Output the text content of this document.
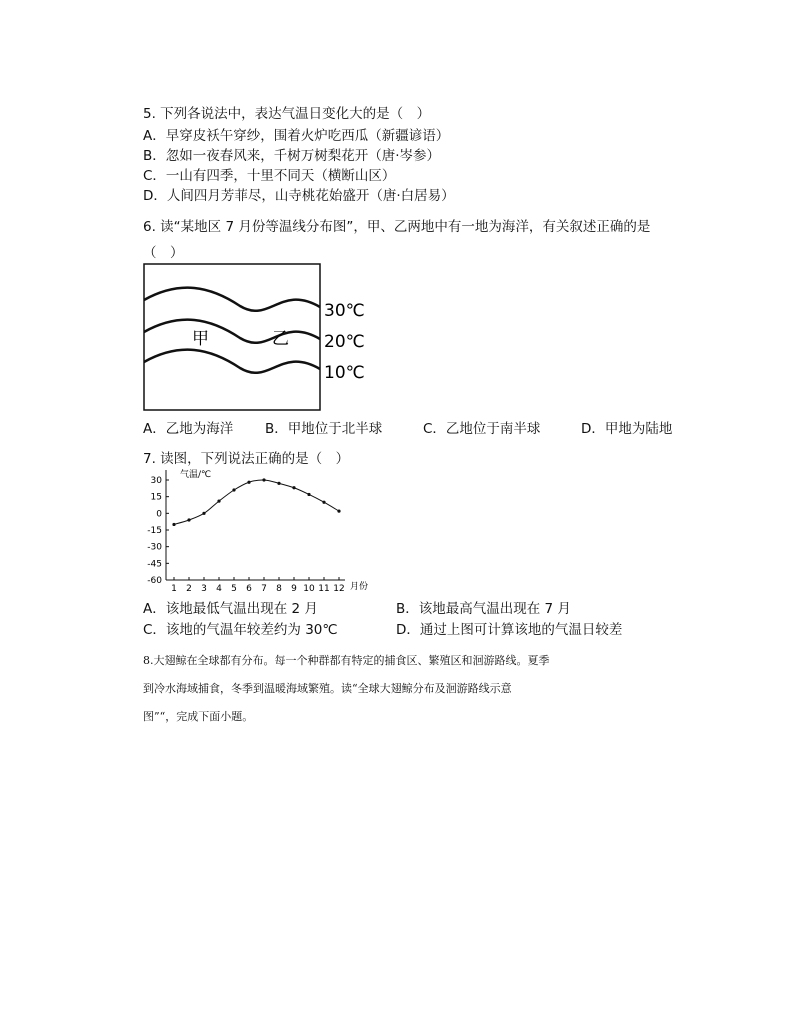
5. 下列各说法中，表达气温日变化大的是（　）
A．早穿皮袄午穿纱，围着火炉吃西瓜（新疆谚语）
B．忽如一夜春风来，千树万树梨花开（唐·岑参）
C．一山有四季，十里不同天（横断山区）
D．人间四月芳菲尽，山寺桃花始盛开（唐·白居易）
6. 读“某地区 7 月份等温线分布图”，甲、乙两地中有一地为海洋，有关叙述正确的是
（　）
30℃
20℃
10℃
甲	乙
A．乙地为海洋 B．甲地位于北半球	C．乙地位于南半球	D．甲地为陆地
7. 读图，下列说法正确的是（　）
30
15
0
-15
-30
-45
-60
1 2 3 4 5 6 7 8 9 10 11 12
气温/℃
月份
A．该地最低气温出现在 2 月	B．该地最高气温出现在 7 月
C．该地的气温年较差约为 30℃	D．通过上图可计算该地的气温日较差
8.大翅鲸在全球都有分布。每一个种群都有特定的捕食区、繁殖区和洄游路线。夏季
到冷水海域捕食，冬季到温暖海域繁殖。读“全球大翅鲸分布及洄游路线示意
图”“，完成下面小题。
